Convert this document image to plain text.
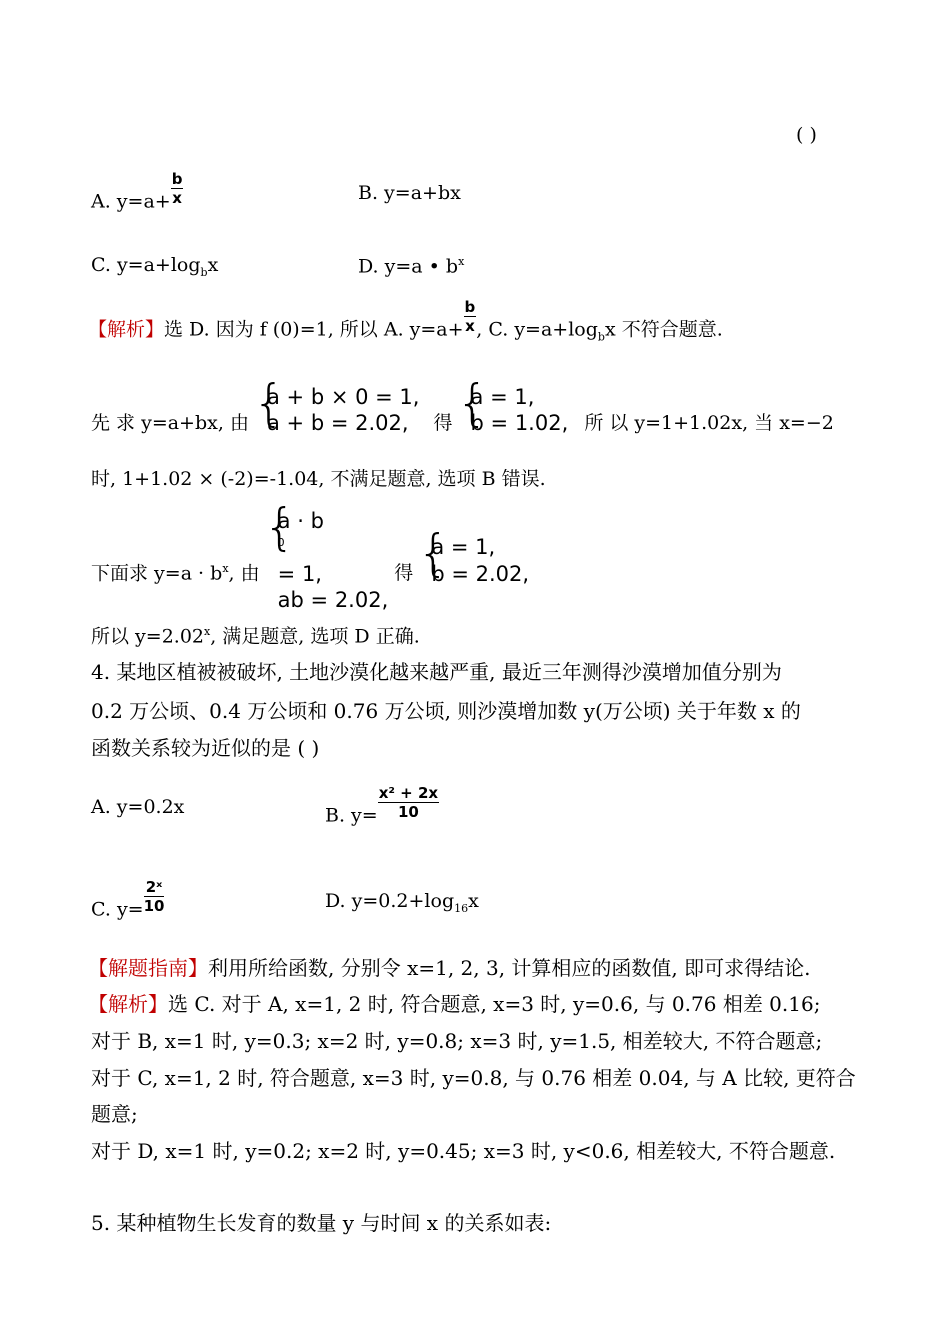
( )
A. $y=a+ \frac{b}{x}$	B. y=a+bx
C. $y=a+\log_bx$	D. y=a • $b^x$
【解析】选 D. 因为 f (0)=1, 所以 A. $y=a+ \frac{b}{x}$ , C. $y=a+\log_bx$ 不符合题意.
先 求 y=a+bx, 由
{ a + b × 0 = 1,
a + b = 2.02,	得
{ a = 1,
b = 1.02, 所 以 y=1+1.02x, 当 x=−2
时, 1+1.02 × (-2)=-1.04, 不满足题意, 选项 B 错误.
下面求 $y=a \cdot b^x$, 由
{ a · b
$^0$
= 1,
ab = 2.02,
得
{ a = 1,
b = 2.02,
所以 $y=2.02^x$, 满足题意, 选项 D 正确.
4. 某地区植被被破坏, 土地沙漠化越来越严重, 最近三年测得沙漠增加值分别为
0.2 万公顷、0.4 万公顷和 0.76 万公顷, 则沙漠增加数 y(万公顷) 关于年数 x 的
函数关系较为近似的是 ( )
A. y=0.2x	B. $y= \frac{\text{x² + 2x}}{10}$
C. $y= \frac{\text{2ˣ}}{10}$	D. $y=0.2+\log_{16}x$
【解题指南】利用所给函数, 分别令 x=1, 2, 3, 计算相应的函数值, 即可求得结论.
【解析】选 C. 对于 A, x=1, 2 时, 符合题意, x=3 时, y=0.6, 与 0.76 相差 0.16;
对于 B, x=1 时, y=0.3; x=2 时, y=0.8; x=3 时, y=1.5, 相差较大, 不符合题意;
对于 C, x=1, 2 时, 符合题意, x=3 时, y=0.8, 与 0.76 相差 0.04, 与 A 比较, 更符合
题意;
对于 D, x=1 时, y=0.2; x=2 时, y=0.45; x=3 时, y<0.6, 相差较大, 不符合题意.
5. 某种植物生长发育的数量 y 与时间 x 的关系如表:
